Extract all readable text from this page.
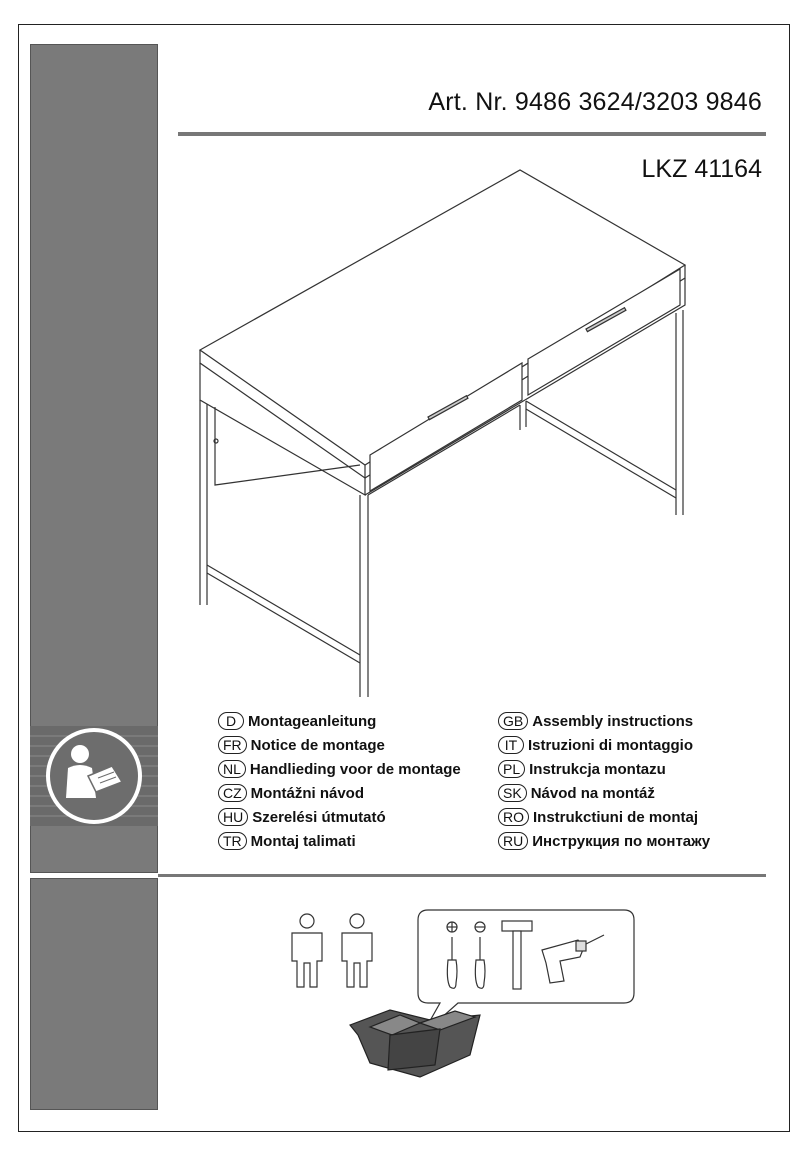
Art. Nr. 9486 3624/3203 9846
LKZ 41164
D Montageanleitung
FR Notice de montage
NL Handlieding voor de montage
CZ Montážni návod
HU Szerelési útmutató
TR Montaj talimati
GB Assembly instructions
IT Istruzioni di montaggio
PL Instrukcja montazu
SK Návod na montáž
RO Instrukctiuni de montaj
RU Инструкция по монтажу
